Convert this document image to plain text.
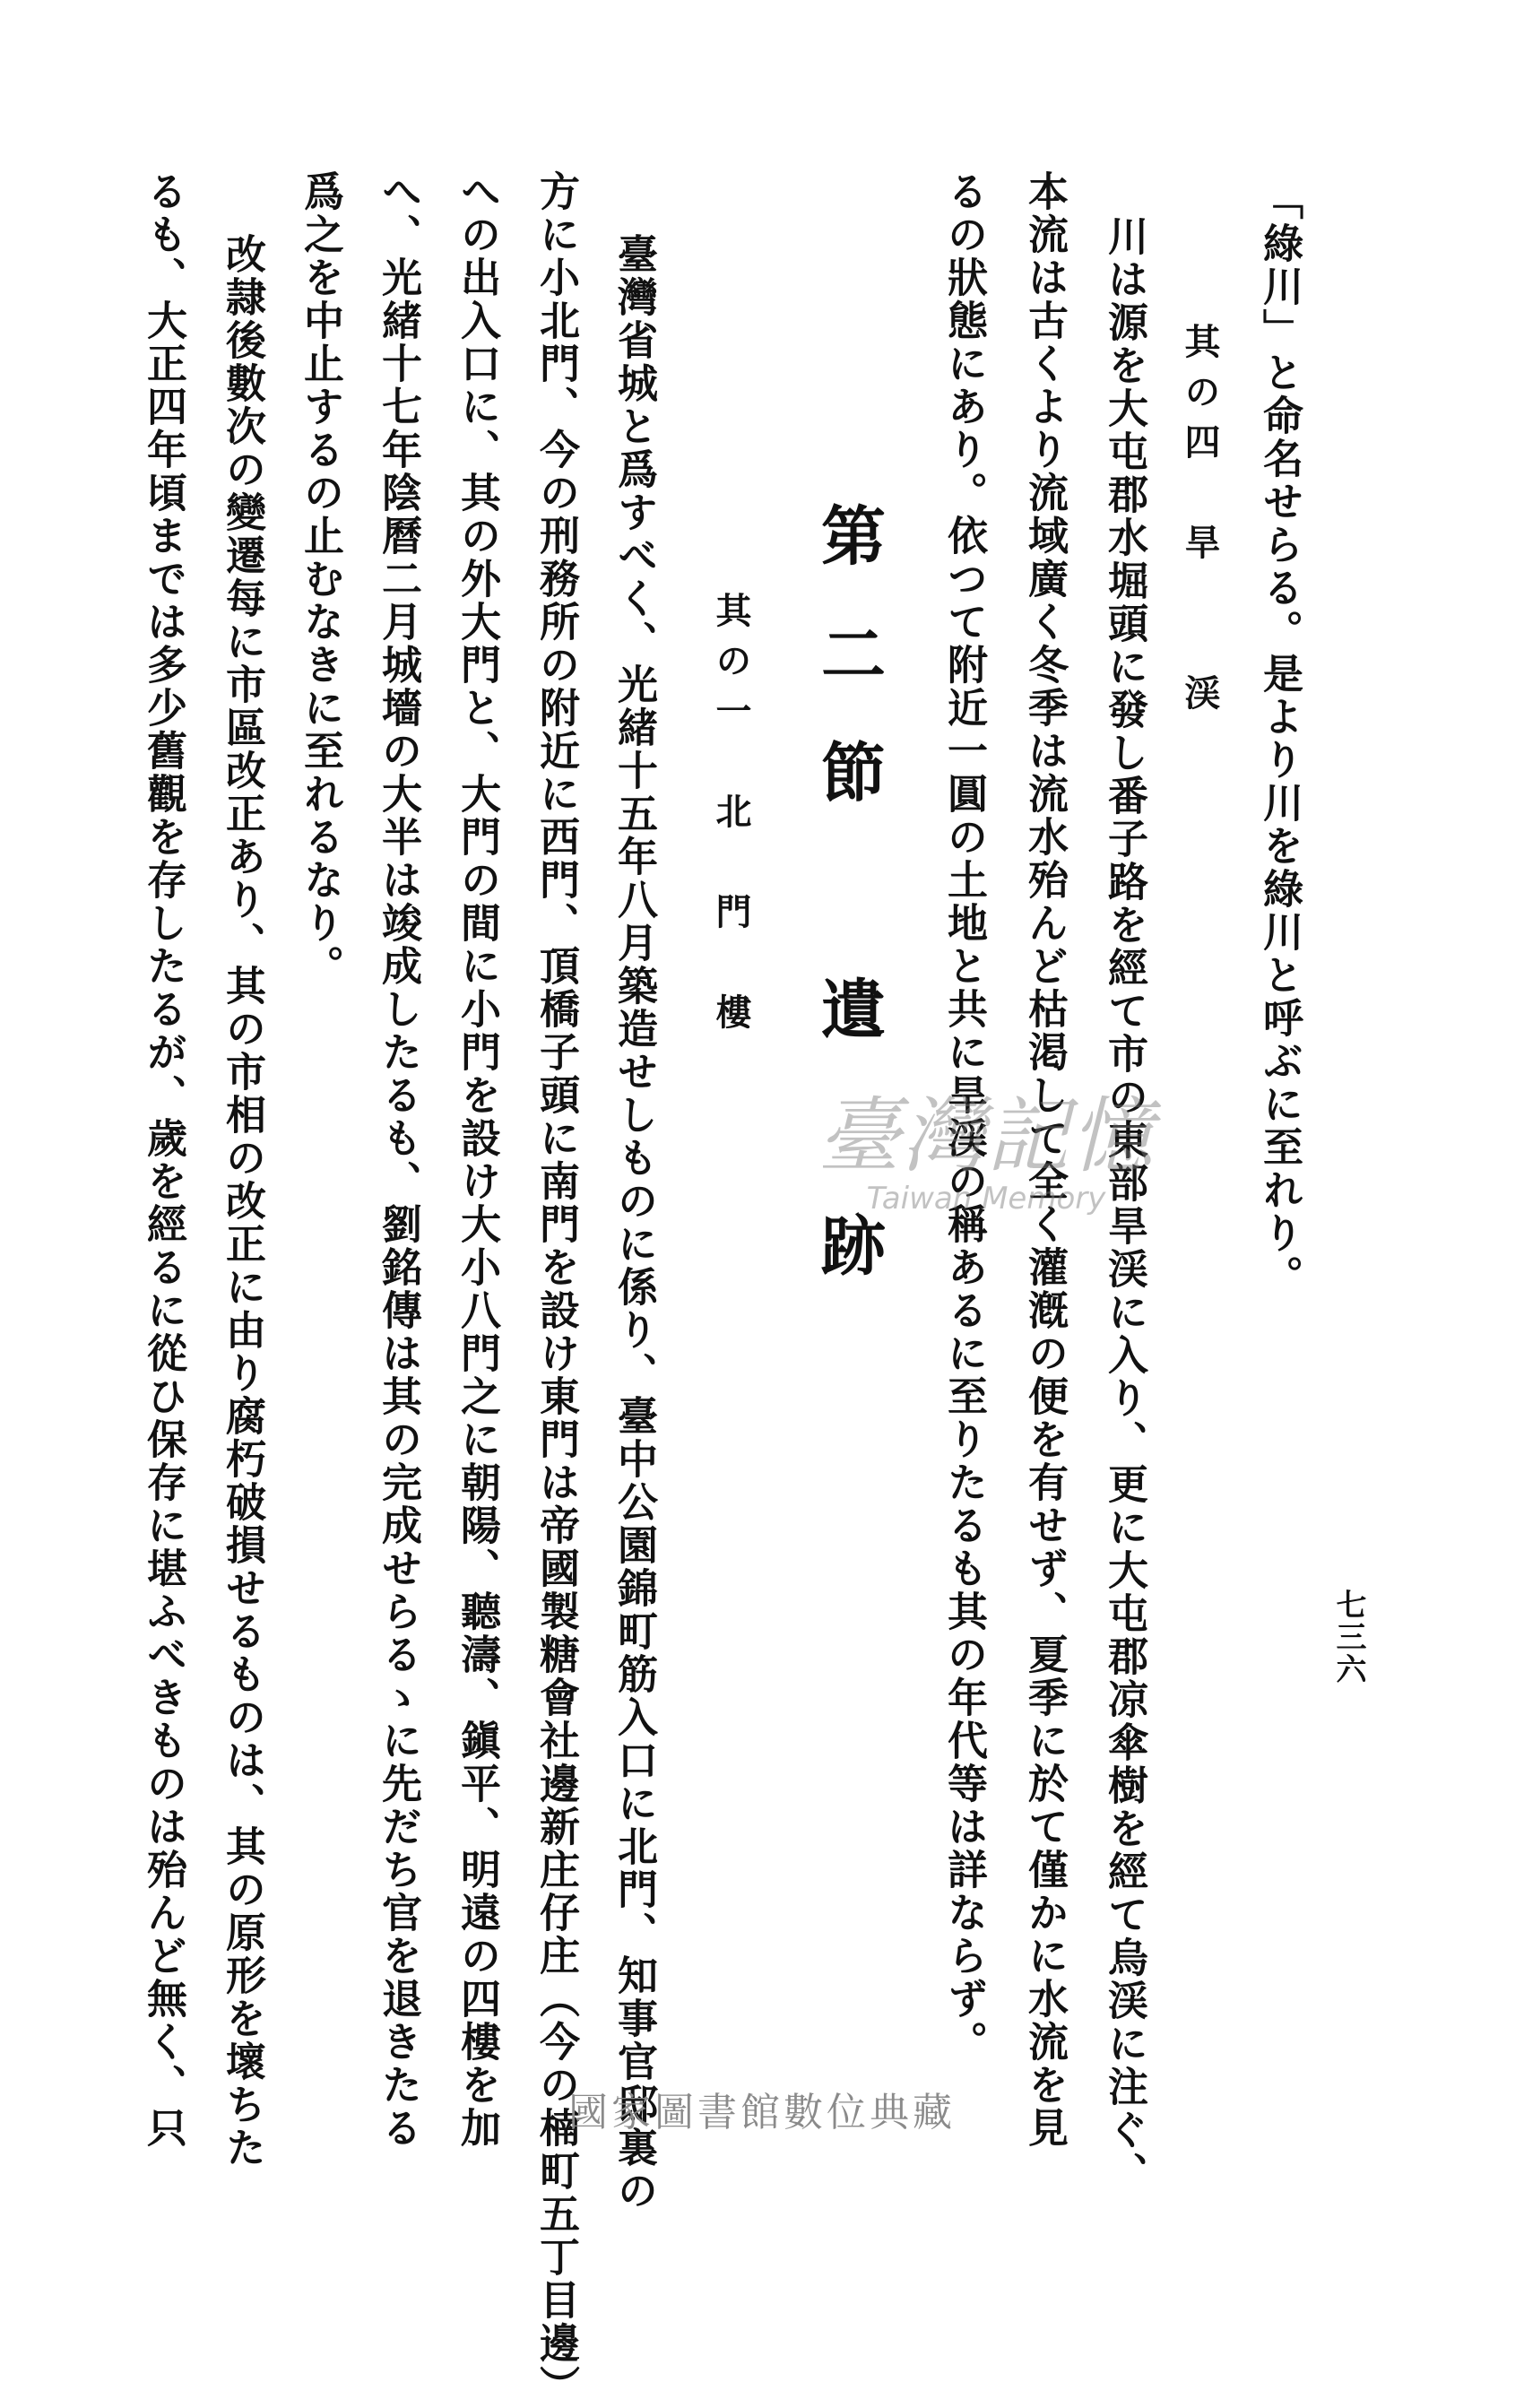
七三六
「綠川」と命名せらる。是より川を綠川と呼ぶに至れり。
其の四　旱　　渓
川は源を大屯郡水堀頭に發し番子路を經て市の東部旱渓に入り、更に大屯郡凉傘樹を經て烏渓に注ぐ、
本流は古くより流域廣く冬季は流水殆んど枯渇して全く灌漑の便を有せず、夏季に於て僅かに水流を見
るの狀態にあり。依つて附近一圓の土地と共に旱渓の稱あるに至りたるも其の年代等は詳ならず。
第二節　遺　跡
其の一　北　門　樓
臺灣省城と爲すべく、光緒十五年八月築造せしものに係り、臺中公園錦町筋入口に北門、知事官邸裏の
方に小北門、今の刑務所の附近に西門、頂橋子頭に南門を設け東門は帝國製糖會社邊新庄仔庄（今の楠町五丁目邊）
への出入口に、其の外大門と、大門の間に小門を設け大小八門之に朝陽、聽濤、鎭平、明遠の四樓を加
へ、光緒十七年陰曆二月城墻の大半は竣成したるも、劉銘傳は其の完成せらるゝに先だち官を退きたる
爲之を中止するの止むなきに至れるなり。
改隷後數次の變遷每に市區改正あり、其の市相の改正に由り腐朽破損せるものは、其の原形を壞ちた
るも、大正四年頃までは多少舊觀を存したるが、歲を經るに從ひ保存に堪ふべきものは殆んど無く、只	臺灣記憶
Taiwan Memory
國家圖書館數位典藏
